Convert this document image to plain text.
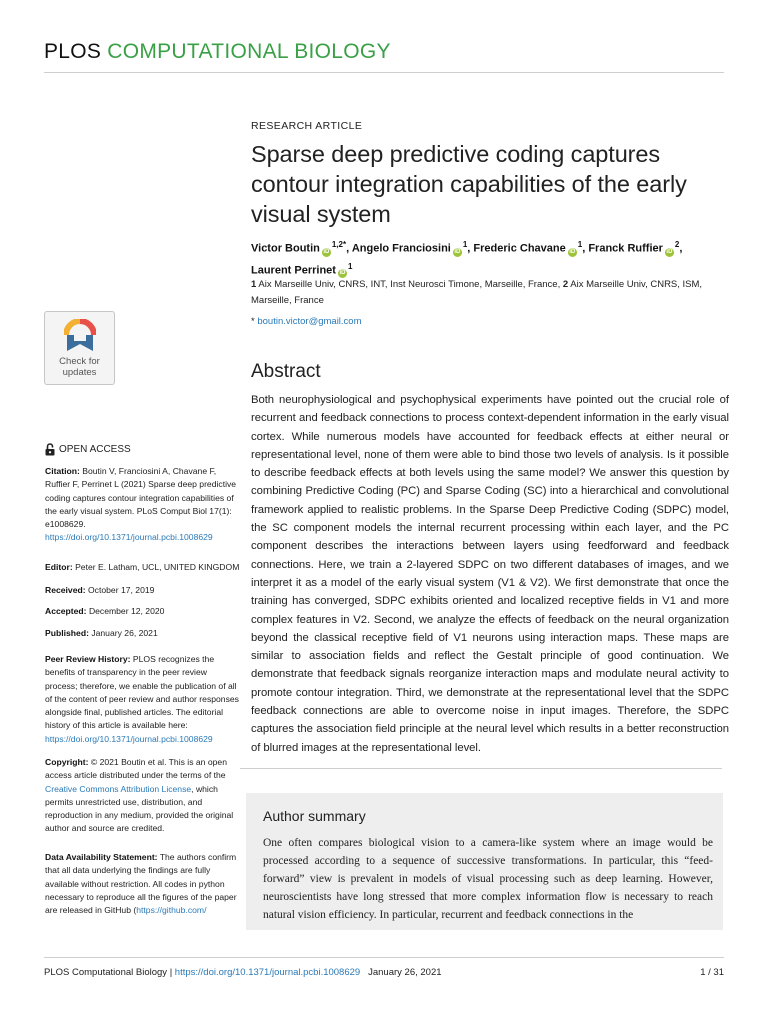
PLOS COMPUTATIONAL BIOLOGY
RESEARCH ARTICLE
Sparse deep predictive coding captures contour integration capabilities of the early visual system
Victor Boutin $iD^{1,2*}$, Angelo Franciosini $iD^1$, Frederic Chavane $iD^1$, Franck Ruffier $iD^2$,
Laurent Perrinet $iD^1$
1 Aix Marseille Univ, CNRS, INT, Inst Neurosci Timone, Marseille, France, 2 Aix Marseille Univ, CNRS, ISM, Marseille, France
* boutin.victor@gmail.com
Abstract
Both neurophysiological and psychophysical experiments have pointed out the crucial role of recurrent and feedback connections to process context-dependent information in the early visual cortex. While numerous models have accounted for feedback effects at either neural or representational level, none of them were able to bind those two levels of analysis. Is it possible to describe feedback effects at both levels using the same model? We answer this question by combining Predictive Coding (PC) and Sparse Coding (SC) into a hierarchical and convolutional framework applied to realistic problems. In the Sparse Deep Predictive Coding (SDPC) model, the SC component models the internal recurrent processing within each layer, and the PC component describes the interactions between layers using feedforward and feedback connections. Here, we train a 2-layered SDPC on two different databases of images, and we interpret it as a model of the early visual system (V1 & V2). We first demonstrate that once the training has converged, SDPC exhibits oriented and localized receptive fields in V1 and more complex features in V2. Second, we analyze the effects of feedback on the neural organization beyond the classical receptive field of V1 neurons using interaction maps. These maps are similar to association fields and reflect the Gestalt principle of good continuation. We demonstrate that feedback signals reorganize interaction maps and modulate neural activity to promote contour integration. Third, we demonstrate at the representational level that the SDPC feedback connections are able to overcome noise in input images. Therefore, the SDPC captures the association field principle at the neural level which results in a better reconstruction of blurred images at the representational level.
Author summary
One often compares biological vision to a camera-like system where an image would be processed according to a sequence of successive transformations. In particular, this “feed-forward” view is prevalent in models of visual processing such as deep learning. However, neuroscientists have long stressed that more complex information flow is necessary to reach natural vision efficiency. In particular, recurrent and feedback connections in the
Check for
updates
OPEN ACCESS
Citation: Boutin V, Franciosini A, Chavane F, Ruffier F, Perrinet L (2021) Sparse deep predictive coding captures contour integration capabilities of the early visual system. PLoS Comput Biol 17(1): e1008629. https://doi.org/10.1371/journal.pcbi.1008629
Editor: Peter E. Latham, UCL, UNITED KINGDOM
Received: October 17, 2019
Accepted: December 12, 2020
Published: January 26, 2021
Peer Review History: PLOS recognizes the benefits of transparency in the peer review process; therefore, we enable the publication of all of the content of peer review and author responses alongside final, published articles. The editorial history of this article is available here: https://doi.org/10.1371/journal.pcbi.1008629
Copyright: © 2021 Boutin et al. This is an open access article distributed under the terms of the Creative Commons Attribution License, which permits unrestricted use, distribution, and reproduction in any medium, provided the original author and source are credited.
Data Availability Statement: The authors confirm that all data underlying the findings are fully available without restriction. All codes in python necessary to reproduce all the figures of the paper are released in GitHub (https://github.com/
PLOS Computational Biology | https://doi.org/10.1371/journal.pcbi.1008629 January 26, 2021	1 / 31
